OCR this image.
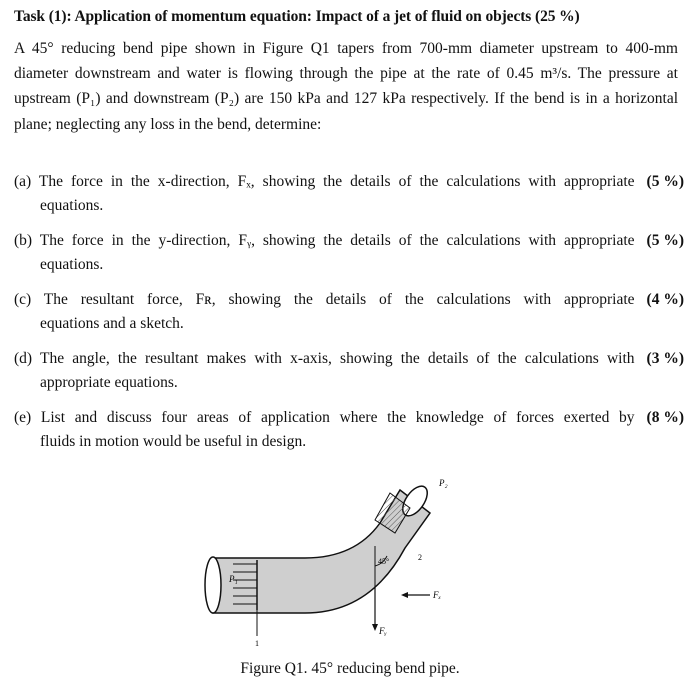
Task (1): Application of momentum equation: Impact of a jet of fluid on objects (25 %)
A 45° reducing bend pipe shown in Figure Q1 tapers from 700-mm diameter upstream to 400-mm diameter downstream and water is flowing through the pipe at the rate of 0.45 m³/s. The pressure at upstream (P₁) and downstream (P₂) are 150 kPa and 127 kPa respectively. If the bend is in a horizontal plane; neglecting any loss in the bend, determine:
(a) The force in the x-direction, Fₓ, showing the details of the calculations with appropriate (5 %)
equations.
(b) The force in the y-direction, Fᵧ, showing the details of the calculations with appropriate (5 %)
equations.
(c) The resultant force, Fʀ, showing the details of the calculations with appropriate (4 %)
equations and a sketch.
(d) The angle, the resultant makes with x-axis, showing the details of the calculations with (3 %)
appropriate equations.
(e) List and discuss four areas of application where the knowledge of forces exerted by (8 %)
fluids in motion would be useful in design.
P₁
P₂
45°
1
2
Fₓ
Fᵧ
Figure Q1. 45° reducing bend pipe.
